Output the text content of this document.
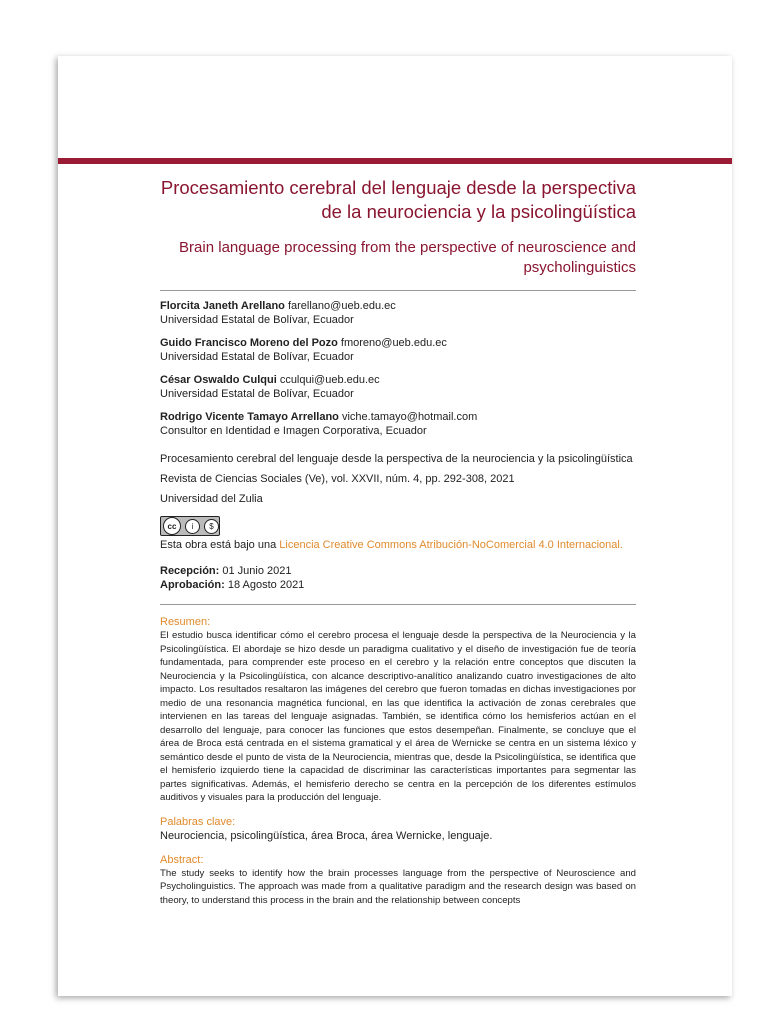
Procesamiento cerebral del lenguaje desde la perspectiva de la neurociencia y la psicolingüística
Brain language processing from the perspective of neuroscience and psycholinguistics
Florcita Janeth Arellano farellano@ueb.edu.ec
Universidad Estatal de Bolívar, Ecuador
Guido Francisco Moreno del Pozo fmoreno@ueb.edu.ec
Universidad Estatal de Bolívar, Ecuador
César Oswaldo Culqui cculqui@ueb.edu.ec
Universidad Estatal de Bolívar, Ecuador
Rodrigo Vicente Tamayo Arrellano viche.tamayo@hotmail.com
Consultor en Identidad e Imagen Corporativa, Ecuador

Procesamiento cerebral del lenguaje desde la perspectiva de la neurociencia y la psicolingüística

Revista de Ciencias Sociales (Ve), vol. XXVII, núm. 4, pp. 292-308, 2021

Universidad del Zulia

cc	i	$
Esta obra está bajo una Licencia Creative Commons Atribución-NoComercial 4.0 Internacional.
Recepción: 01 Junio 2021
Aprobación: 18 Agosto 2021
Resumen:
El estudio busca identificar cómo el cerebro procesa el lenguaje desde la perspectiva de la Neurociencia y la Psicolingüística. El abordaje se hizo desde un paradigma cualitativo y el diseño de investigación fue de teoría fundamentada, para comprender este proceso en el cerebro y la relación entre conceptos que discuten la Neurociencia y la Psicolingüística, con alcance descriptivo-analítico analizando cuatro investigaciones de alto impacto. Los resultados resaltaron las imágenes del cerebro que fueron tomadas en dichas investigaciones por medio de una resonancia magnética funcional, en las que identifica la activación de zonas cerebrales que intervienen en las tareas del lenguaje asignadas. También, se identifica cómo los hemisferios actúan en el desarrollo del lenguaje, para conocer las funciones que estos desempeñan. Finalmente, se concluye que el área de Broca está centrada en el sistema gramatical y el área de Wernicke se centra en un sistema léxico y semántico desde el punto de vista de la Neurociencia, mientras que, desde la Psicolingüística, se identifica que el hemisferio izquierdo tiene la capacidad de discriminar las características importantes para segmentar las partes significativas. Además, el hemisferio derecho se centra en la percepción de los diferentes estímulos auditivos y visuales para la producción del lenguaje.
Palabras clave:
Neurociencia, psicolingüística, área Broca, área Wernicke, lenguaje.
Abstract:
The study seeks to identify how the brain processes language from the perspective of Neuroscience and Psycholinguistics. The approach was made from a qualitative paradigm and the research design was based on theory, to understand this process in the brain and the relationship between concepts
